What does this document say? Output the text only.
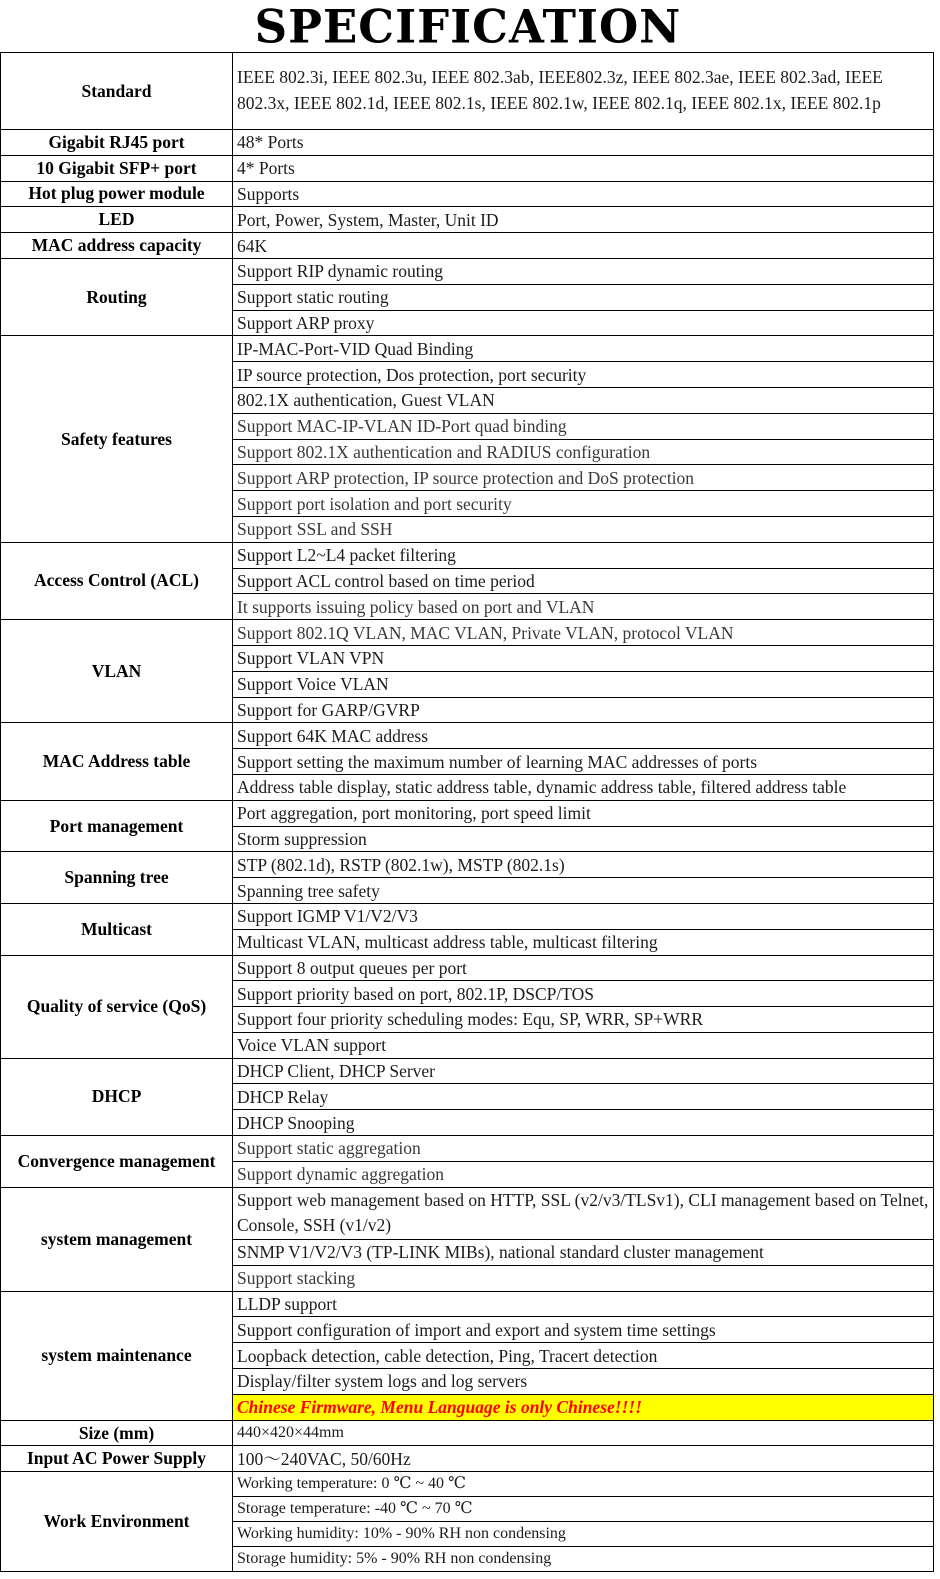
SPECIFICATION
Standard	IEEE 802.3i, IEEE 802.3u, IEEE 802.3ab, IEEE802.3z, IEEE 802.3ae, IEEE 802.3ad, IEEE 802.3x, IEEE 802.1d, IEEE 802.1s, IEEE 802.1w, IEEE 802.1q, IEEE 802.1x, IEEE 802.1p
Gigabit RJ45 port	48* Ports
10 Gigabit SFP+ port	4* Ports
Hot plug power module	Supports
LED	Port, Power, System, Master, Unit ID
MAC address capacity	64K
Routing	Support RIP dynamic routing
	Support static routing
	Support ARP proxy
Safety features	IP-MAC-Port-VID Quad Binding
	IP source protection, Dos protection, port security
	802.1X authentication, Guest VLAN
	Support MAC-IP-VLAN ID-Port quad binding
	Support 802.1X authentication and RADIUS configuration
	Support ARP protection, IP source protection and DoS protection
	Support port isolation and port security
	Support SSL and SSH
Access Control (ACL)	Support L2~L4 packet filtering
	Support ACL control based on time period
	It supports issuing policy based on port and VLAN
VLAN	Support 802.1Q VLAN, MAC VLAN, Private VLAN, protocol VLAN
	Support VLAN VPN
	Support Voice VLAN
	Support for GARP/GVRP
MAC Address table	Support 64K MAC address
	Support setting the maximum number of learning MAC addresses of ports
	Address table display, static address table, dynamic address table, filtered address table
Port management	Port aggregation, port monitoring, port speed limit
	Storm suppression
Spanning tree	STP (802.1d), RSTP (802.1w), MSTP (802.1s)
	Spanning tree safety
Multicast	Support IGMP V1/V2/V3
	Multicast VLAN, multicast address table, multicast filtering
Quality of service (QoS)	Support 8 output queues per port
	Support priority based on port, 802.1P, DSCP/TOS
	Support four priority scheduling modes: Equ, SP, WRR, SP+WRR
	Voice VLAN support
DHCP	DHCP Client, DHCP Server
	DHCP Relay
	DHCP Snooping
Convergence management	Support static aggregation
	Support dynamic aggregation
system management	Support web management based on HTTP, SSL (v2/v3/TLSv1), CLI management based on Telnet, Console, SSH (v1/v2)
	SNMP V1/V2/V3 (TP-LINK MIBs), national standard cluster management
	Support stacking
system maintenance	LLDP support
	Support configuration of import and export and system time settings
	Loopback detection, cable detection, Ping, Tracert detection
	Display/filter system logs and log servers
	Chinese Firmware, Menu Language is only Chinese!!!!
Size (mm)	440×420×44mm
Input AC Power Supply	100～240VAC, 50/60Hz
Work Environment	Working temperature: 0 ℃ ~ 40 ℃
	Storage temperature: -40 ℃ ~ 70 ℃
	Working humidity: 10% - 90% RH non condensing
	Storage humidity: 5% - 90% RH non condensing
